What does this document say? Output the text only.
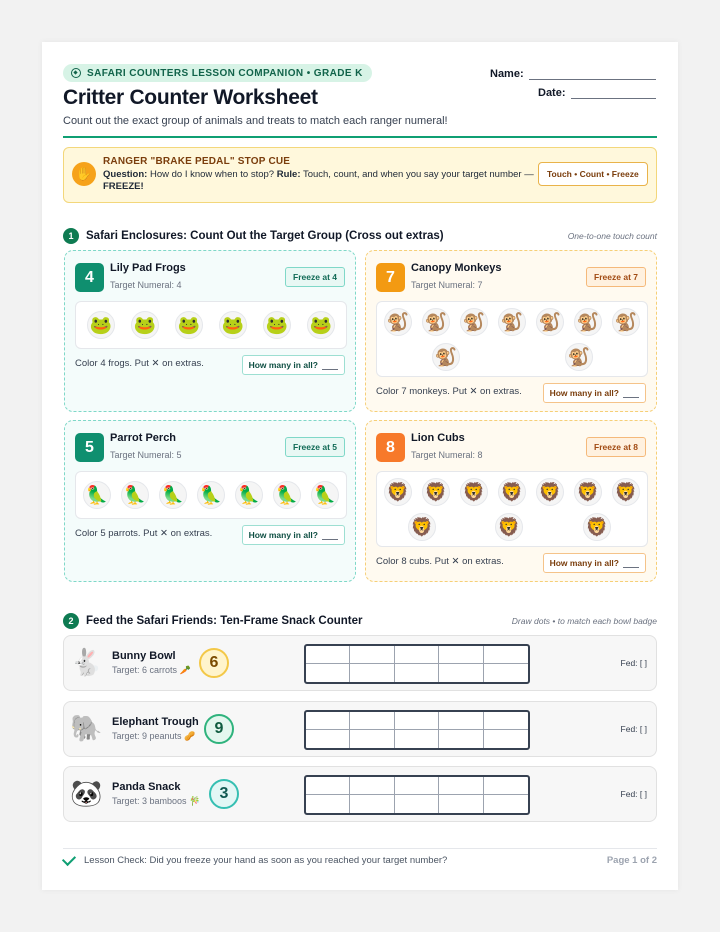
SAFARI COUNTERS LESSON COMPANION • GRADE K
Critter Counter Worksheet
Count out the exact group of animals and treats to match each ranger numeral!
Name:
Date:
✋
RANGER "BRAKE PEDAL" STOP CUE
Question: How do I know when to stop? Rule: Touch, count, and when you say your target number —FREEZE!
Touch • Count • Freeze
1	Safari Enclosures: Count Out the Target Group (Cross out extras)	One-to-one touch count
4
Lily Pad Frogs
Target Numeral: 4
Freeze at 4
🐸 🐸 🐸 🐸 🐸 🐸
Color 4 frogs. Put ✕ on extras.	How many in all?
7
Canopy Monkeys
Target Numeral: 7
Freeze at 7
🐒 🐒 🐒 🐒 🐒 🐒 🐒
🐒	🐒
Color 7 monkeys. Put ✕ on extras.	How many in all?
5
Parrot Perch
Target Numeral: 5
Freeze at 5
🦜 🦜 🦜 🦜 🦜 🦜 🦜
Color 5 parrots. Put ✕ on extras.	How many in all?
8
Lion Cubs
Target Numeral: 8
Freeze at 8
🦁 🦁 🦁 🦁 🦁 🦁 🦁
🦁	🦁	🦁
Color 8 cubs. Put ✕ on extras.	How many in all?
2	Feed the Safari Friends: Ten-Frame Snack Counter	Draw dots • to match each bowl badge
🐇 Bunny Bowl
Target: 6 carrots 🥕	6	Fed: [ ]
🐘 Elephant Trough
Target: 9 peanuts 🥜	9	Fed: [ ]
🐼 Panda Snack
Target: 3 bamboos 🎋	3	Fed: [ ]
Lesson Check: Did you freeze your hand as soon as you reached your target number?	Page 1 of 2
